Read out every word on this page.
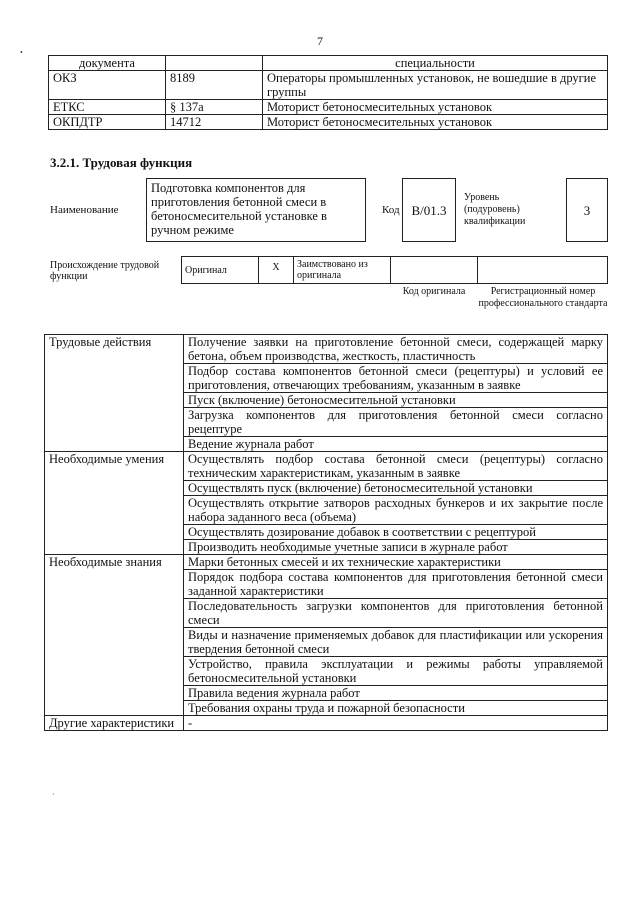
7
документа		специальности
ОКЗ	8189	Операторы промышленных установок, не вошедшие в другие группы
ЕТКС	§ 137а	Моторист бетоносмесительных установок
ОКПДТР	14712	Моторист бетоносмесительных установок
3.2.1. Трудовая функция
Наименование
Подготовка компонентов для приготовления бетонной смеси в бетоносмесительной установке в ручном режиме
Код B/01.3
Уровень (подуровень) квалификации
3
Происхождение трудовой функции
Оригинал	X	Заимствовано из оригинала		
Код оригинала	Регистрационный номер профессионального стандарта
Трудовые действия	Получение заявки на приготовление бетонной смеси, содержащей марку бетона, объем производства, жесткость, пластичность
	Подбор состава компонентов бетонной смеси (рецептуры) и условий ее приготовления, отвечающих требованиям, указанным в заявке
	Пуск (включение) бетоносмесительной установки
	Загрузка компонентов для приготовления бетонной смеси согласно рецептуре
	Ведение журнала работ
Необходимые умения	Осуществлять подбор состава бетонной смеси (рецептуры) согласно техническим характеристикам, указанным в заявке
	Осуществлять пуск (включение) бетоносмесительной установки
	Осуществлять открытие затворов расходных бункеров и их закрытие после набора заданного веса (объема)
	Осуществлять дозирование добавок в соответствии с рецептурой
	Производить необходимые учетные записи в журнале работ
Необходимые знания	Марки бетонных смесей и их технические характеристики
	Порядок подбора состава компонентов для приготовления бетонной смеси заданной характеристики
	Последовательность загрузки компонентов для приготовления бетонной смеси
	Виды и назначение применяемых добавок для пластификации или ускорения твердения бетонной смеси
	Устройство, правила эксплуатации и режимы работы управляемой бетоносмесительной установки
	Правила ведения журнала работ
	Требования охраны труда и пожарной безопасности
Другие характеристики	-
•
·
